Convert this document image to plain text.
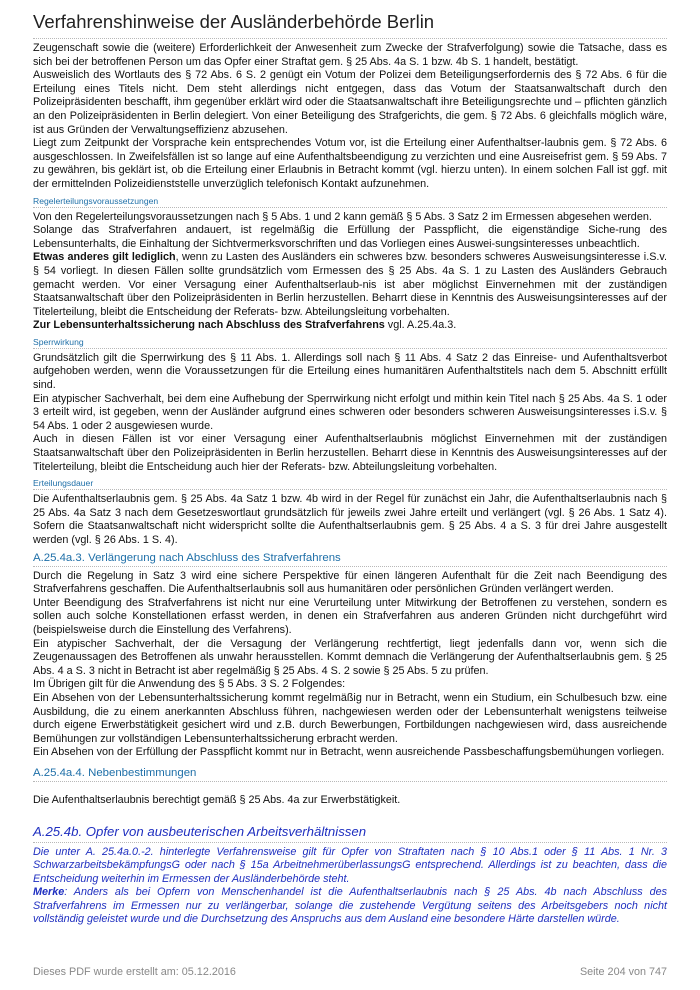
Verfahrenshinweise der Ausländerbehörde Berlin

Zeugenschaft sowie die (weitere) Erforderlichkeit der Anwesenheit zum Zwecke der Strafverfolgung) sowie die Tatsache, dass es sich bei der betroffenen Person um das Opfer einer Straftat gem. § 25 Abs. 4a S. 1 bzw. 4b S. 1 handelt, bestätigt.

Ausweislich des Wortlauts des § 72 Abs. 6 S. 2 genügt ein Votum der Polizei dem Beteiligungserfordernis des § 72 Abs. 6 für die Erteilung eines Titels nicht. Dem steht allerdings nicht entgegen, dass das Votum der Staatsanwaltschaft durch den Polizeipräsidenten beschafft, ihm gegenüber erklärt wird oder die Staatsanwaltschaft ihre Beteiligungsrechte und – pflichten gänzlich an den Polizeipräsidenten in Berlin delegiert. Von einer Beteiligung des Strafgerichts, die gem. § 72 Abs. 6 gleichfalls möglich wäre, ist aus Gründen der Verwaltungseffizienz abzusehen.

Liegt zum Zeitpunkt der Vorsprache kein entsprechendes Votum vor, ist die Erteilung einer Aufenthaltser-laubnis gem. § 72 Abs. 6 ausgeschlossen. In Zweifelsfällen ist so lange auf eine Aufenthaltsbeendigung zu verzichten und eine Ausreisefrist gem. § 59 Abs. 7 zu gewähren, bis geklärt ist, ob die Erteilung einer Erlaubnis in Betracht kommt (vgl. hierzu unten). In einem solchen Fall ist ggf. mit der ermittelnden Polizeidienststelle unverzüglich telefonisch Kontakt aufzunehmen.

Regelerteilungsvoraussetzungen

Von den Regelerteilungsvoraussetzungen nach § 5 Abs. 1 und 2 kann gemäß § 5 Abs. 3 Satz 2 im Ermessen abgesehen werden.

Solange das Strafverfahren andauert, ist regelmäßig die Erfüllung der Passpflicht, die eigenständige Siche-rung des Lebensunterhalts, die Einhaltung der Sichtvermerksvorschriften und das Vorliegen eines Auswei-sungsinteresses unbeachtlich.

Etwas anderes gilt lediglich, wenn zu Lasten des Ausländers ein schweres bzw. besonders schweres Ausweisungsinteresse i.S.v. § 54 vorliegt. In diesen Fällen sollte grundsätzlich vom Ermessen des § 25 Abs. 4a S. 1 zu Lasten des Ausländers Gebrauch gemacht werden. Vor einer Versagung einer Aufenthaltserlaub-nis ist aber möglichst Einvernehmen mit der zuständigen Staatsanwaltschaft über den Polizeipräsidenten in Berlin herzustellen. Beharrt diese in Kenntnis des Ausweisungsinteresses auf der Titelerteilung, bleibt die Entscheidung der Referats- bzw. Abteilungsleitung vorbehalten.

Zur Lebensunterhaltssicherung nach Abschluss des Strafverfahrens vgl. A.25.4a.3.

Sperrwirkung

Grundsätzlich gilt die Sperrwirkung des § 11 Abs. 1. Allerdings soll nach § 11 Abs. 4 Satz 2 das Einreise- und Aufenthaltsverbot aufgehoben werden, wenn die Voraussetzungen für die Erteilung eines humanitären Aufenthaltstitels nach dem 5. Abschnitt erfüllt sind.

Ein atypischer Sachverhalt, bei dem eine Aufhebung der Sperrwirkung nicht erfolgt und mithin kein Titel nach § 25 Abs. 4a S. 1 oder 3 erteilt wird, ist gegeben, wenn der Ausländer aufgrund eines schweren oder besonders schweren Ausweisungsinteresses i.S.v. § 54 Abs. 1 oder 2 ausgewiesen wurde.

Auch in diesen Fällen ist vor einer Versagung einer Aufenthaltserlaubnis möglichst Einvernehmen mit der zuständigen Staatsanwaltschaft über den Polizeipräsidenten in Berlin herzustellen. Beharrt diese in Kenntnis des Ausweisungsinteresses auf der Titelerteilung, bleibt die Entscheidung auch hier der Referats- bzw. Abteilungsleitung vorbehalten.

Erteilungsdauer

Die Aufenthaltserlaubnis gem. § 25 Abs. 4a Satz 1 bzw. 4b wird in der Regel für zunächst ein Jahr, die Aufenthaltserlaubnis nach § 25 Abs. 4a Satz 3 nach dem Gesetzeswortlaut grundsätzlich für jeweils zwei Jahre erteilt und verlängert (vgl. § 26 Abs. 1 Satz 4). Sofern die Staatsanwaltschaft nicht widerspricht sollte die Aufenthaltserlaubnis gem. § 25 Abs. 4 a S. 3 für drei Jahre ausgestellt werden (vgl. § 26 Abs. 1 S. 4).

A.25.4a.3. Verlängerung nach Abschluss des Strafverfahrens

Durch die Regelung in Satz 3 wird eine sichere Perspektive für einen längeren Aufenthalt für die Zeit nach Beendigung des Strafverfahrens geschaffen. Die Aufenthaltserlaubnis soll aus humanitären oder persönlichen Gründen verlängert werden.

Unter Beendigung des Strafverfahrens ist nicht nur eine Verurteilung unter Mitwirkung der Betroffenen zu verstehen, sondern es sollen auch solche Konstellationen erfasst werden, in denen ein Strafverfahren aus anderen Gründen nicht durchgeführt wird (beispielsweise durch die Einstellung des Verfahrens).

Ein atypischer Sachverhalt, der die Versagung der Verlängerung rechtfertigt, liegt jedenfalls dann vor, wenn sich die Zeugenaussagen des Betroffenen als unwahr herausstellen. Kommt demnach die Verlängerung der Aufenthaltserlaubnis gem. § 25 Abs. 4 a S. 3 nicht in Betracht ist aber regelmäßig § 25 Abs. 4 S. 2 sowie § 25 Abs. 5 zu prüfen.

Im Übrigen gilt für die Anwendung des § 5 Abs. 3 S. 2 Folgendes:

Ein Absehen von der Lebensunterhaltssicherung kommt regelmäßig nur in Betracht, wenn ein Studium, ein Schulbesuch bzw. eine Ausbildung, die zu einem anerkannten Abschluss führen, nachgewiesen werden oder der Lebensunterhalt wenigstens teilweise durch eigene Erwerbstätigkeit gesichert wird und z.B. durch Bewerbungen, Fortbildungen nachgewiesen wird, dass ausreichende Bemühungen zur vollständigen Lebensunterhaltssicherung erbracht werden.

Ein Absehen von der Erfüllung der Passpflicht kommt nur in Betracht, wenn ausreichende Passbeschaffungsbemühungen vorliegen.

A.25.4a.4. Nebenbestimmungen

Die Aufenthaltserlaubnis berechtigt gemäß § 25 Abs. 4a zur Erwerbstätigkeit.

A.25.4b. Opfer von ausbeuterischen Arbeitsverhältnissen

Die unter A. 25.4a.0.-2. hinterlegte Verfahrensweise gilt für Opfer von Straftaten nach § 10 Abs.1 oder § 11 Abs. 1 Nr. 3 SchwarzarbeitsbekämpfungsG oder nach § 15a ArbeitnehmerüberlassungsG entsprechend. Allerdings ist zu beachten, dass die Entscheidung weiterhin im Ermessen der Ausländerbehörde steht.

Merke: Anders als bei Opfern von Menschenhandel ist die Aufenthaltserlaubnis nach § 25 Abs. 4b nach Abschluss des Strafverfahrens im Ermessen nur zu verlängerbar, solange die zustehende Vergütung seitens des Arbeitsgebers noch nicht vollständig geleistet wurde und die Durchsetzung des Anspruchs aus dem Ausland eine besondere Härte darstellen würde.

Dieses PDF wurde erstellt am: 05.12.2016	Seite 204 von 747
